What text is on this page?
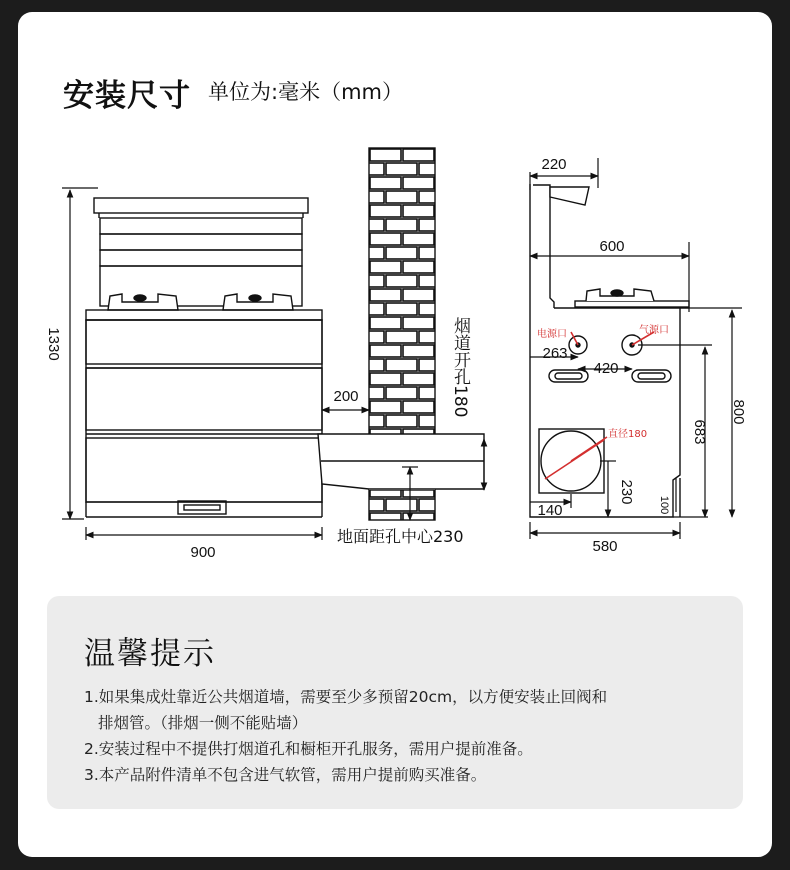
安装尺寸 单位为:毫米（mm）
1330
900
200	烟道开孔180
地面距孔中心230
电源口	气源口
直径180
220
600
263
420
800
683
230
140
580
100
温馨提示
1.如果集成灶靠近公共烟道墙，需要至少多预留20cm，以方便安装止回阀和
排烟管。（排烟一侧不能贴墙）
2.安装过程中不提供打烟道孔和橱柜开孔服务，需用户提前准备。
3.本产品附件清单不包含进气软管，需用户提前购买准备。
